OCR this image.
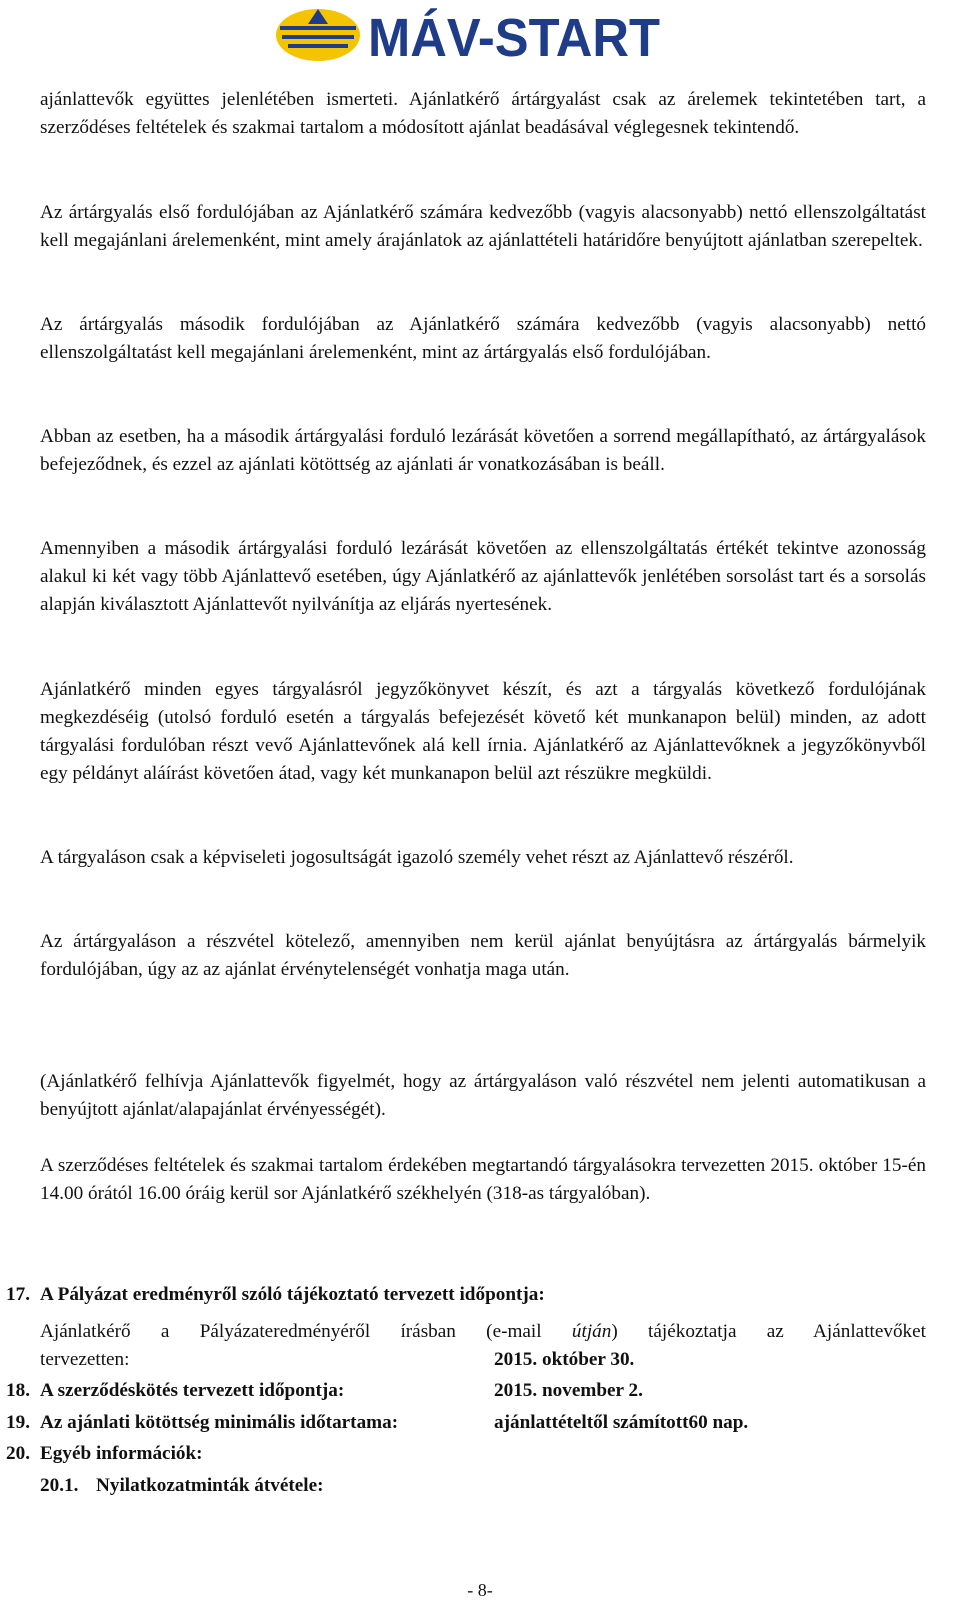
MÁV-START

ajánlattevők együttes jelenlétében ismerteti. Ajánlatkérő ártárgyalást csak az árelemek tekintetében tart, a szerződéses feltételek és szakmai tartalom a módosított ajánlat beadásával véglegesnek tekintendő.

Az ártárgyalás első fordulójában az Ajánlatkérő számára kedvezőbb (vagyis alacsonyabb) nettó ellenszolgáltatást kell megajánlani árelemenként, mint amely árajánlatok az ajánlattételi határidőre benyújtott ajánlatban szerepeltek.

Az ártárgyalás második fordulójában az Ajánlatkérő számára kedvezőbb (vagyis alacsonyabb) nettó ellenszolgáltatást kell megajánlani árelemenként, mint az ártárgyalás első fordulójában.

Abban az esetben, ha a második ártárgyalási forduló lezárását követően a sorrend megállapítható, az ártárgyalások befejeződnek, és ezzel az ajánlati kötöttség az ajánlati ár vonatkozásában is beáll.

Amennyiben a második ártárgyalási forduló lezárását követően az ellenszolgáltatás értékét tekintve azonosság alakul ki két vagy több Ajánlattevő esetében, úgy Ajánlatkérő az ajánlattevők jenlétében sorsolást tart és a sorsolás alapján kiválasztott Ajánlattevőt nyilvánítja az eljárás nyertesének.

Ajánlatkérő minden egyes tárgyalásról jegyzőkönyvet készít, és azt a tárgyalás következő fordulójának megkezdéséig (utolsó forduló esetén a tárgyalás befejezését követő két munkanapon belül) minden, az adott tárgyalási fordulóban részt vevő Ajánlattevőnek alá kell írnia. Ajánlatkérő az Ajánlattevőknek a jegyzőkönyvből egy példányt aláírást követően átad, vagy két munkanapon belül azt részükre megküldi.

A tárgyaláson csak a képviseleti jogosultságát igazoló személy vehet részt az Ajánlattevő részéről.

Az ártárgyaláson a részvétel kötelező, amennyiben nem kerül ajánlat benyújtásra az ártárgyalás bármelyik fordulójában, úgy az az ajánlat érvénytelenségét vonhatja maga után.

(Ajánlatkérő felhívja Ajánlattevők figyelmét, hogy az ártárgyaláson való részvétel nem jelenti automatikusan a benyújtott ajánlat/alapajánlat érvényességét).

A szerződéses feltételek és szakmai tartalom érdekében megtartandó tárgyalásokra tervezetten 2015. október 15-én 14.00 órától 16.00 óráig kerül sor Ajánlatkérő székhelyén (318-as tárgyalóban).

17. A Pályázat eredményről szóló tájékoztató tervezett időpontja:

Ajánlatkérő a Pályázateredményéről írásban (e-mail útján) tájékoztatja az Ajánlattevőket

tervezetten:	2015. október 30.
18. A szerződéskötés tervezett időpontja:	2015. november 2.
19. Az ajánlati kötöttség minimális időtartama:	ajánlattételtől számított60 nap.
20. Egyéb információk:
20.1. Nyilatkozatminták átvétele:
- 8-
